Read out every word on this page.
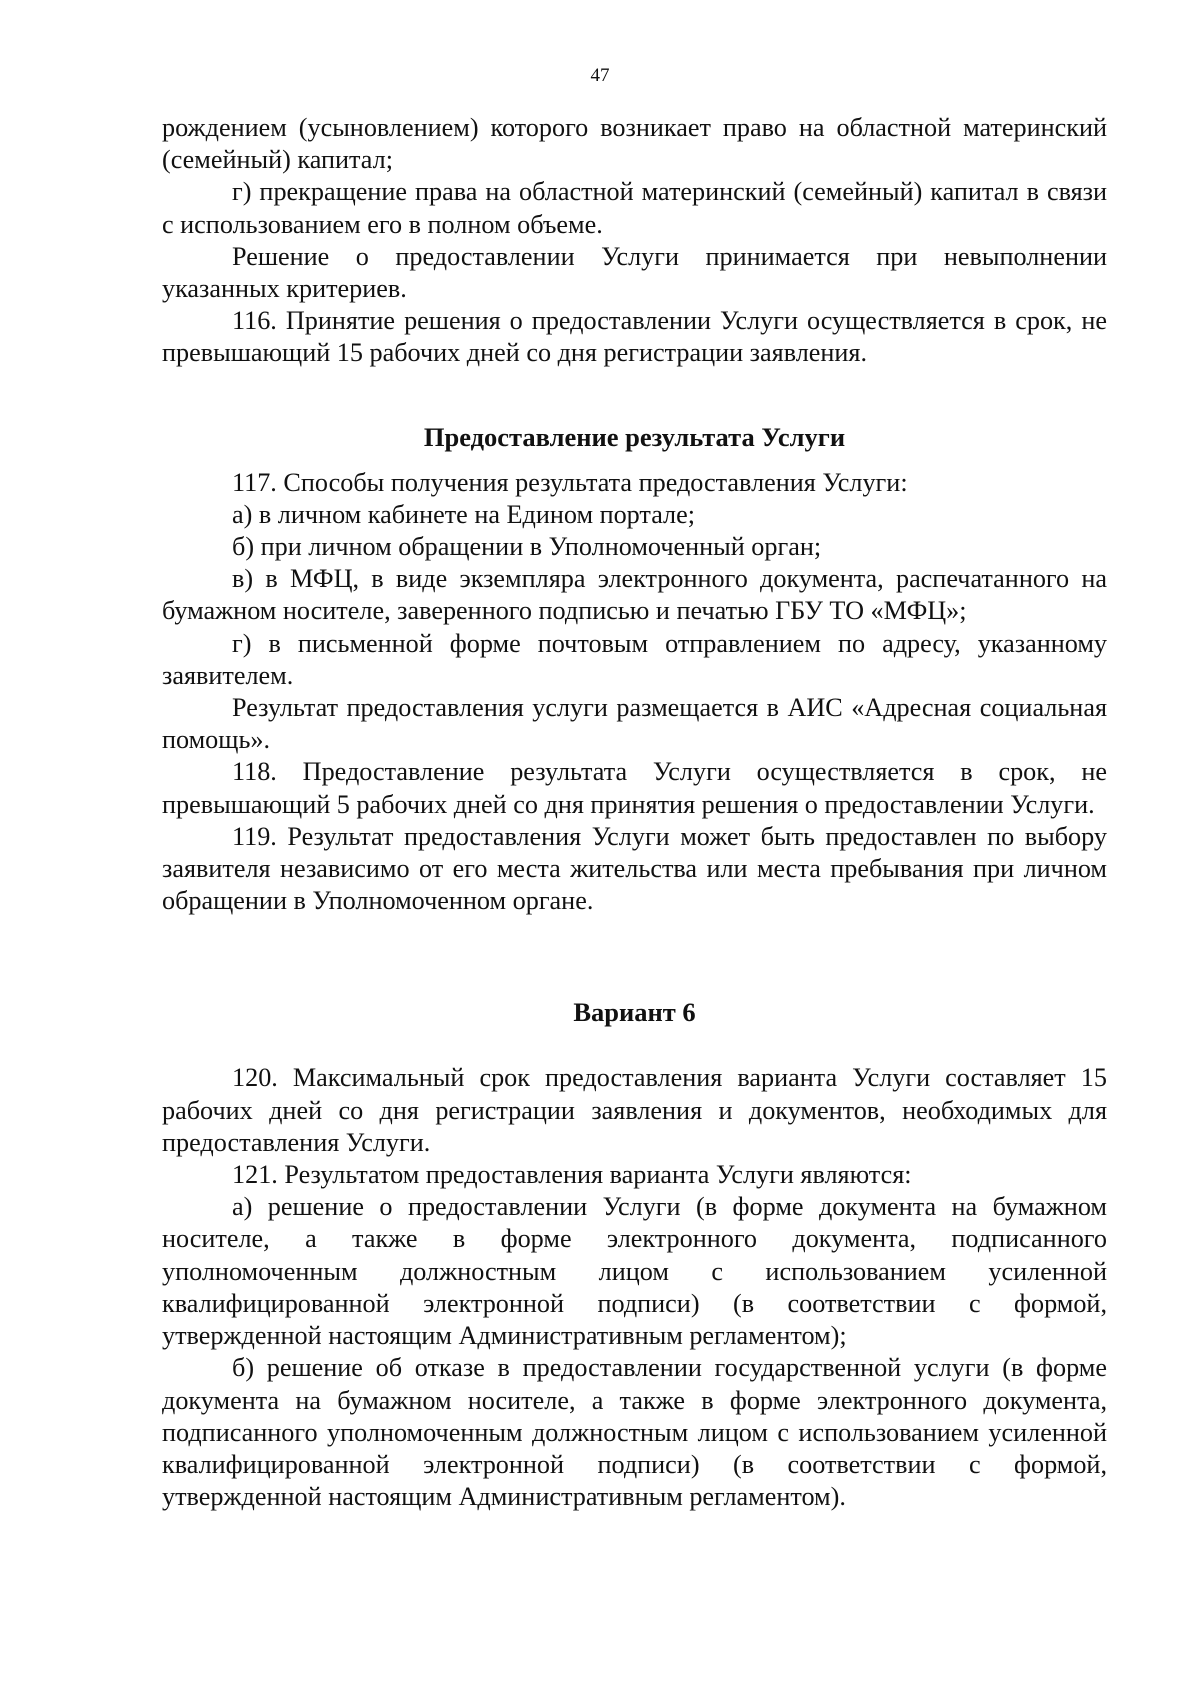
47

рождением (усыновлением) которого возникает право на областной материнский (семейный) капитал;

г) прекращение права на областной материнский (семейный) капитал в связи с использованием его в полном объеме.

Решение о предоставлении Услуги принимается при невыполнении указанных критериев.

116. Принятие решения о предоставлении Услуги осуществляется в срок, не превышающий 15 рабочих дней со дня регистрации заявления.

Предоставление результата Услуги

117. Способы получения результата предоставления Услуги:

а) в личном кабинете на Едином портале;

б) при личном обращении в Уполномоченный орган;

в) в МФЦ, в виде экземпляра электронного документа, распечатанного на бумажном носителе, заверенного подписью и печатью ГБУ ТО «МФЦ»;

г) в письменной форме почтовым отправлением по адресу, указанному заявителем.

Результат предоставления услуги размещается в АИС «Адресная социальная помощь».

118. Предоставление результата Услуги осуществляется в срок, не превышающий 5 рабочих дней со дня принятия решения о предоставлении Услуги.

119. Результат предоставления Услуги может быть предоставлен по выбору заявителя независимо от его места жительства или места пребывания при личном обращении в Уполномоченном органе.

Вариант 6

120. Максимальный срок предоставления варианта Услуги составляет 15 рабочих дней со дня регистрации заявления и документов, необходимых для предоставления Услуги.

121. Результатом предоставления варианта Услуги являются:

а) решение о предоставлении Услуги (в форме документа на бумажном носителе, а также в форме электронного документа, подписанного уполномоченным должностным лицом с использованием усиленной квалифицированной электронной подписи) (в соответствии с формой, утвержденной настоящим Административным регламентом);

б) решение об отказе в предоставлении государственной услуги (в форме документа на бумажном носителе, а также в форме электронного документа, подписанного уполномоченным должностным лицом с использованием усиленной квалифицированной электронной подписи) (в соответствии с формой, утвержденной настоящим Административным регламентом).
